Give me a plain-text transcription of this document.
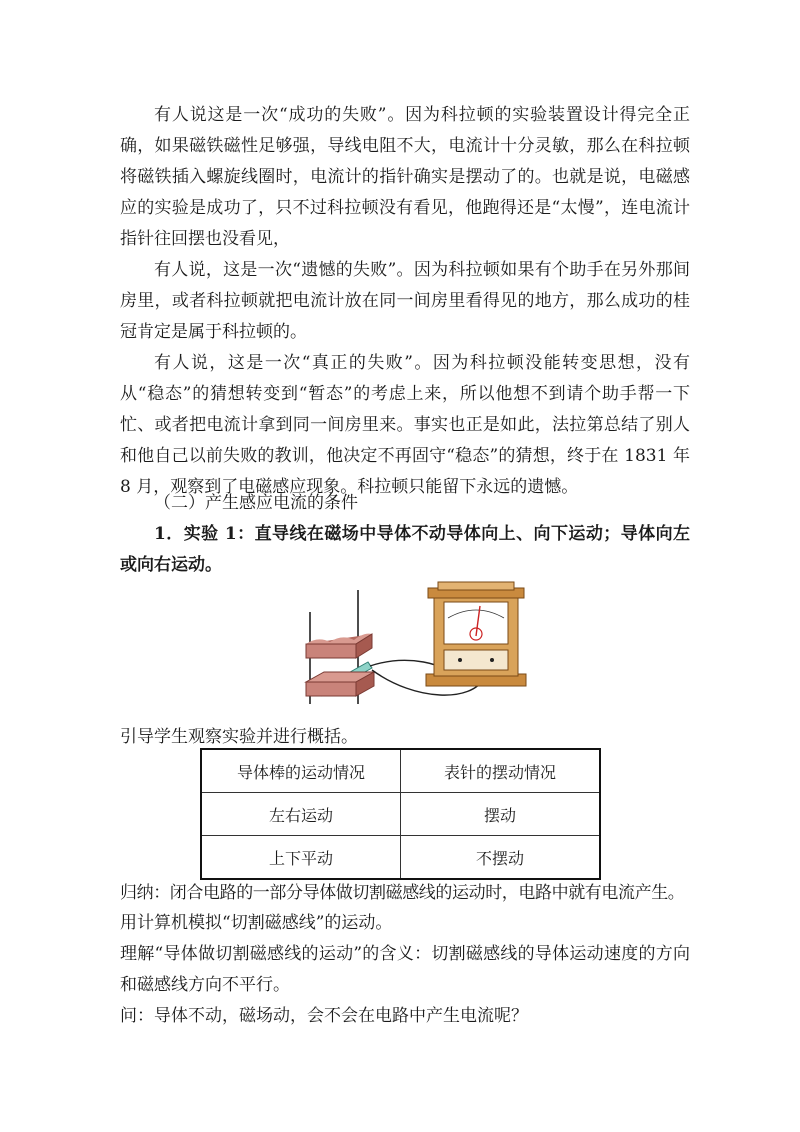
有人说这是一次“成功的失败”。因为科拉顿的实验装置设计得完全正确，如果磁铁磁性足够强，导线电阻不大，电流计十分灵敏，那么在科拉顿将磁铁插入螺旋线圈时，电流计的指针确实是摆动了的。也就是说，电磁感应的实验是成功了，只不过科拉顿没有看见，他跑得还是“太慢”，连电流计指针往回摆也没看见，

有人说，这是一次“遗憾的失败”。因为科拉顿如果有个助手在另外那间房里，或者科拉顿就把电流计放在同一间房里看得见的地方，那么成功的桂冠肯定是属于科拉顿的。

有人说，这是一次“真正的失败”。因为科拉顿没能转变思想，没有从“稳态”的猜想转变到“暂态”的考虑上来，所以他想不到请个助手帮一下忙、或者把电流计拿到同一间房里来。事实也正是如此，法拉第总结了别人和他自己以前失败的教训，他决定不再固守“稳态”的猜想，终于在 1831 年 8 月，观察到了电磁感应现象。科拉顿只能留下永远的遗憾。

（二）产生感应电流的条件

1．实验 1：直导线在磁场中导体不动导体向上、向下运动；导体向左或向右运动。

引导学生观察实验并进行概括。

导体棒的运动情况	表针的摆动情况
左右运动	摆动
上下平动	不摆动

归纳：闭合电路的一部分导体做切割磁感线的运动时，电路中就有电流产生。

用计算机模拟“切割磁感线”的运动。

理解“导体做切割磁感线的运动”的含义：切割磁感线的导体运动速度的方向和磁感线方向不平行。

问：导体不动，磁场动，会不会在电路中产生电流呢？
